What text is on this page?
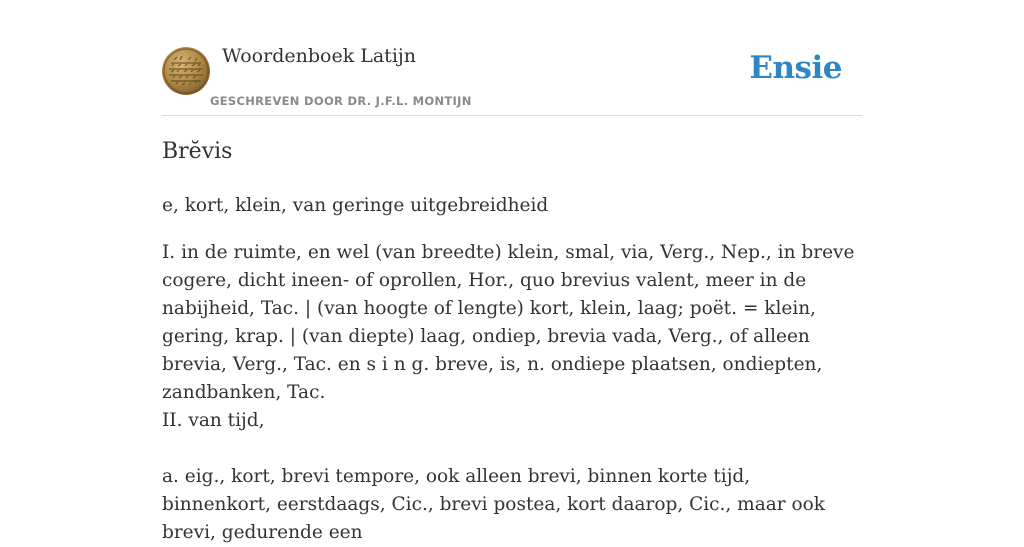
Woordenboek Latijn
GESCHREVEN DOOR DR. J.F.L. MONTIJN
Ensie
Brĕvis

e, kort, klein, van geringe uitgebreidheid

I. in de ruimte, en wel (van breedte) klein, smal, via, Verg., Nep., in breve cogere, dicht ineen- of oprollen, Hor., quo brevius valent, meer in de nabijheid, Tac. | (van hoogte of lengte) kort, klein, laag; poët. = klein, gering, krap. | (van diepte) laag, ondiep, brevia vada, Verg., of alleen brevia, Verg., Tac. en s i n g. breve, is, n. ondiepe plaatsen, ondiepten, zandbanken, Tac.

II. van tijd,

a. eig., kort, brevi tempore, ook alleen brevi, binnen korte tijd, binnenkort, eerstdaags, Cic., brevi postea, kort daarop, Cic., maar ook brevi, gedurende een
